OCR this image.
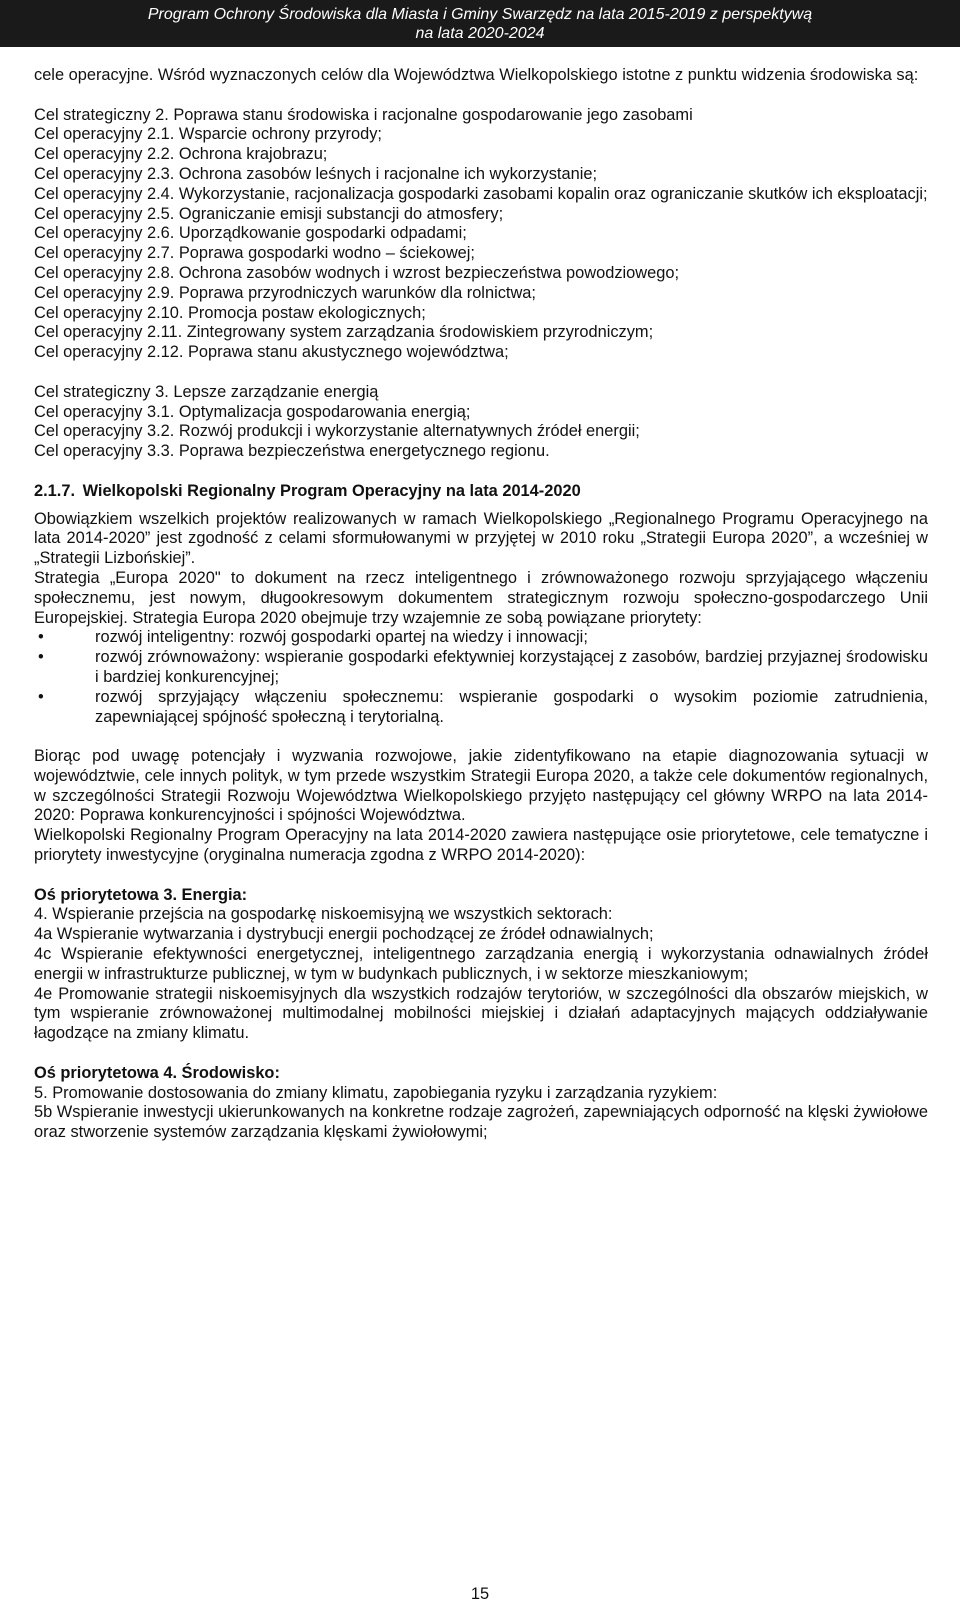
Program Ochrony Środowiska dla Miasta i Gminy Swarzędz na lata 2015-2019 z perspektywą
na lata 2020-2024

cele operacyjne. Wśród wyznaczonych celów dla Województwa Wielkopolskiego istotne z punktu widzenia środowiska są:

Cel strategiczny 2. Poprawa stanu środowiska i racjonalne gospodarowanie jego zasobami
Cel operacyjny 2.1. Wsparcie ochrony przyrody;
Cel operacyjny 2.2. Ochrona krajobrazu;
Cel operacyjny 2.3. Ochrona zasobów leśnych i racjonalne ich wykorzystanie;
Cel operacyjny 2.4. Wykorzystanie, racjonalizacja gospodarki zasobami kopalin oraz ograniczanie skutków ich eksploatacji;
Cel operacyjny 2.5. Ograniczanie emisji substancji do atmosfery;
Cel operacyjny 2.6. Uporządkowanie gospodarki odpadami;
Cel operacyjny 2.7. Poprawa gospodarki wodno – ściekowej;
Cel operacyjny 2.8. Ochrona zasobów wodnych i wzrost bezpieczeństwa powodziowego;
Cel operacyjny 2.9. Poprawa przyrodniczych warunków dla rolnictwa;
Cel operacyjny 2.10. Promocja postaw ekologicznych;
Cel operacyjny 2.11. Zintegrowany system zarządzania środowiskiem przyrodniczym;
Cel operacyjny 2.12. Poprawa stanu akustycznego województwa;
Cel strategiczny 3. Lepsze zarządzanie energią
Cel operacyjny 3.1. Optymalizacja gospodarowania energią;
Cel operacyjny 3.2. Rozwój produkcji i wykorzystanie alternatywnych źródeł energii;
Cel operacyjny 3.3. Poprawa bezpieczeństwa energetycznego regionu.
2.1.7. Wielkopolski Regionalny Program Operacyjny na lata 2014-2020

Obowiązkiem wszelkich projektów realizowanych w ramach Wielkopolskiego „Regionalnego Programu Operacyjnego na lata 2014-2020” jest zgodność z celami sformułowanymi w przyjętej w 2010 roku „Strategii Europa 2020”, a wcześniej w „Strategii Lizbońskiej”.

Strategia „Europa 2020" to dokument na rzecz inteligentnego i zrównoważonego rozwoju sprzyjającego włączeniu społecznemu, jest nowym, długookresowym dokumentem strategicznym rozwoju społeczno-gospodarczego Unii Europejskiej. Strategia Europa 2020 obejmuje trzy wzajemnie ze sobą powiązane priorytety:

•	rozwój inteligentny: rozwój gospodarki opartej na wiedzy i innowacji;
•	rozwój zrównoważony: wspieranie gospodarki efektywniej korzystającej z zasobów, bardziej przyjaznej środowisku i bardziej konkurencyjnej;
•	rozwój sprzyjający włączeniu społecznemu: wspieranie gospodarki o wysokim poziomie zatrudnienia, zapewniającej spójność społeczną i terytorialną.

Biorąc pod uwagę potencjały i wyzwania rozwojowe, jakie zidentyfikowano na etapie diagnozowania sytuacji w województwie, cele innych polityk, w tym przede wszystkim Strategii Europa 2020, a także cele dokumentów regionalnych, w szczególności Strategii Rozwoju Województwa Wielkopolskiego przyjęto następujący cel główny WRPO na lata 2014-2020: Poprawa konkurencyjności i spójności Województwa.

Wielkopolski Regionalny Program Operacyjny na lata 2014-2020 zawiera następujące osie priorytetowe, cele tematyczne i priorytety inwestycyjne (oryginalna numeracja zgodna z WRPO 2014-2020):

Oś priorytetowa 3. Energia:
4. Wspieranie przejścia na gospodarkę niskoemisyjną we wszystkich sektorach:
4a Wspieranie wytwarzania i dystrybucji energii pochodzącej ze źródeł odnawialnych;
4c Wspieranie efektywności energetycznej, inteligentnego zarządzania energią i wykorzystania odnawialnych źródeł energii w infrastrukturze publicznej, w tym w budynkach publicznych, i w sektorze mieszkaniowym;
4e Promowanie strategii niskoemisyjnych dla wszystkich rodzajów terytoriów, w szczególności dla obszarów miejskich, w tym wspieranie zrównoważonej multimodalnej mobilności miejskiej i działań adaptacyjnych mających oddziaływanie łagodzące na zmiany klimatu.
Oś priorytetowa 4. Środowisko:
5. Promowanie dostosowania do zmiany klimatu, zapobiegania ryzyku i zarządzania ryzykiem:
5b Wspieranie inwestycji ukierunkowanych na konkretne rodzaje zagrożeń, zapewniających odporność na klęski żywiołowe oraz stworzenie systemów zarządzania klęskami żywiołowymi;
15
